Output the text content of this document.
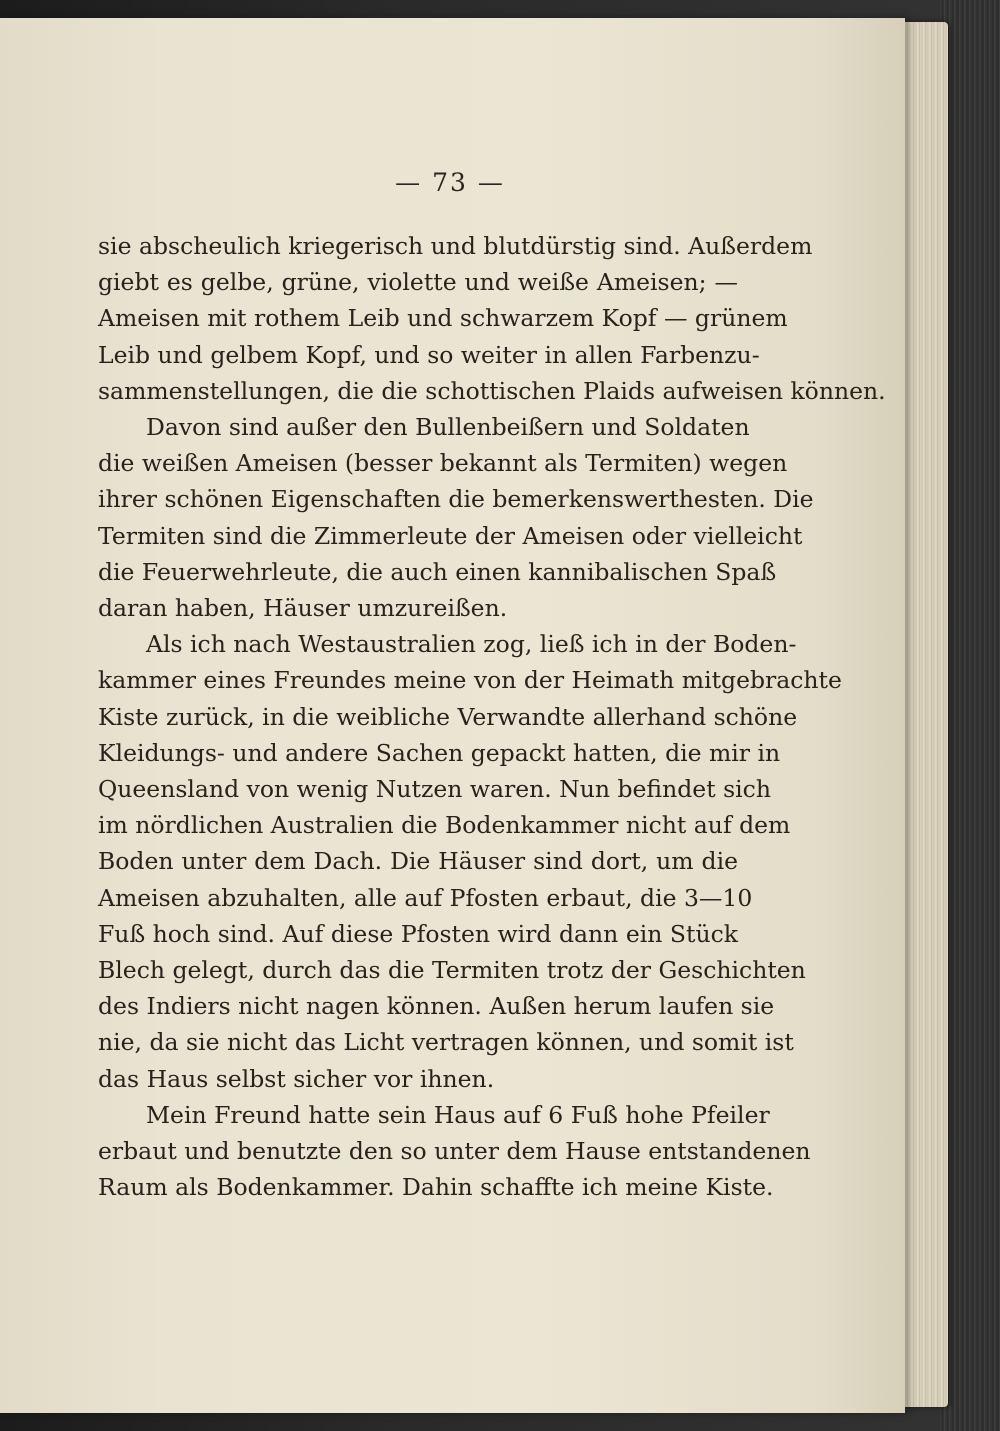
— 73 —
sie abscheulich kriegerisch und blutdürstig sind. Außerdem
giebt es gelbe, grüne, violette und weiße Ameisen; —
Ameisen mit rothem Leib und schwarzem Kopf — grünem
Leib und gelbem Kopf, und so weiter in allen Farbenzu-
sammenstellungen, die die schottischen Plaids aufweisen können.
Davon sind außer den Bullenbeißern und Soldaten
die weißen Ameisen (besser bekannt als Termiten) wegen
ihrer schönen Eigenschaften die bemerkenswerthesten. Die
Termiten sind die Zimmerleute der Ameisen oder vielleicht
die Feuerwehrleute, die auch einen kannibalischen Spaß
daran haben, Häuser umzureißen.
Als ich nach Westaustralien zog, ließ ich in der Boden-
kammer eines Freundes meine von der Heimath mitgebrachte
Kiste zurück, in die weibliche Verwandte allerhand schöne
Kleidungs- und andere Sachen gepackt hatten, die mir in
Queensland von wenig Nutzen waren. Nun befindet sich
im nördlichen Australien die Bodenkammer nicht auf dem
Boden unter dem Dach. Die Häuser sind dort, um die
Ameisen abzuhalten, alle auf Pfosten erbaut, die 3—10
Fuß hoch sind. Auf diese Pfosten wird dann ein Stück
Blech gelegt, durch das die Termiten trotz der Geschichten
des Indiers nicht nagen können. Außen herum laufen sie
nie, da sie nicht das Licht vertragen können, und somit ist
das Haus selbst sicher vor ihnen.
Mein Freund hatte sein Haus auf 6 Fuß hohe Pfeiler
erbaut und benutzte den so unter dem Hause entstandenen
Raum als Bodenkammer. Dahin schaffte ich meine Kiste.
